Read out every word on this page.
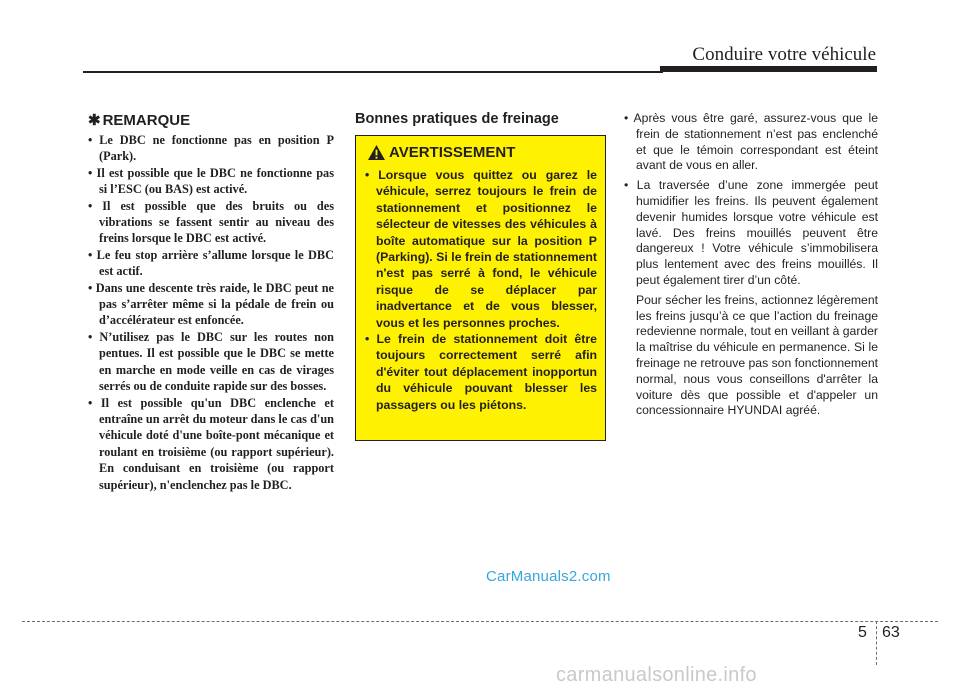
Conduire votre véhicule
✱ REMARQUE
• Le DBC ne fonctionne pas en position P (Park).
• Il est possible que le DBC ne fonctionne pas si l’ESC (ou BAS) est activé.
• Il est possible que des bruits ou des vibrations se fassent sentir au niveau des freins lorsque le DBC est activé.
• Le feu stop arrière s’allume lorsque le DBC est actif.
• Dans une descente très raide, le DBC peut ne pas s’arrêter même si la pédale de frein ou d’accélérateur est enfoncée.
• N’utilisez pas le DBC sur les routes non pentues. Il est possible que le DBC se mette en marche en mode veille en cas de virages serrés ou de conduite rapide sur des bosses.
• Il est possible qu'un DBC enclenche et entraîne un arrêt du moteur dans le cas d'un véhicule doté d'une boîte-pont mécanique et roulant en troisième (ou rapport supérieur). En conduisant en troisième (ou rapport supérieur), n'enclenchez pas le DBC.
Bonnes pratiques de freinage
AVERTISSEMENT
• Lorsque vous quittez ou garez le véhicule, serrez toujours le frein de stationnement et positionnez le sélecteur de vitesses des véhicules à boîte automatique sur la position P (Parking). Si le frein de stationnement n'est pas serré à fond, le véhicule risque de se déplacer par inadvertance et de vous blesser, vous et les personnes proches.
• Le frein de stationnement doit être toujours correctement serré afin d'éviter tout déplacement inopportun du véhicule pouvant blesser les passagers ou les piétons.
• Après vous être garé, assurez-vous que le frein de stationnement n’est pas enclenché et que le témoin correspondant est éteint avant de vous en aller.
• La traversée d’une zone immergée peut humidifier les freins. Ils peuvent également devenir humides lorsque votre véhicule est lavé. Des freins mouillés peuvent être dangereux ! Votre véhicule s’immobilisera plus lentement avec des freins mouillés. Il peut également tirer d’un côté.

Pour sécher les freins, actionnez légèrement les freins jusqu’à ce que l’action du freinage redevienne normale, tout en veillant à garder la maîtrise du véhicule en permanence. Si le freinage ne retrouve pas son fonctionnement normal, nous vous conseillons d'arrêter la voiture dès que possible et d'appeler un concessionnaire HYUNDAI agréé.

CarManuals2.com
5 63
carmanualsonline.info
